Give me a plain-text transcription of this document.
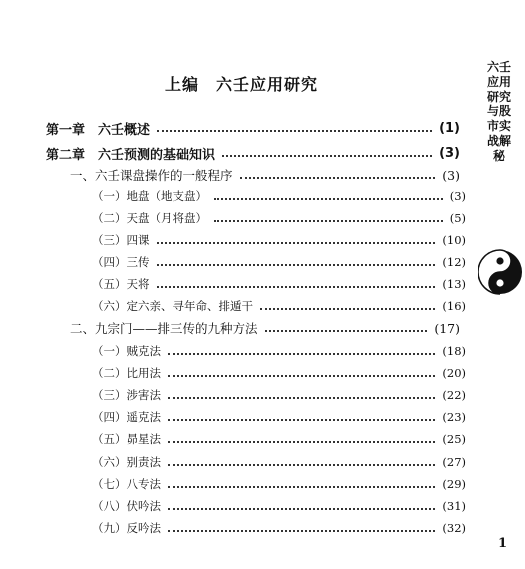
上编　六壬应用研究
第一章　六壬概述	(1)
第二章　六壬预测的基础知识	(3)
一、六壬课盘操作的一般程序	(3)
（一）地盘（地支盘）	(3)
（二）天盘（月将盘）	(5)
（三）四课	(10)
（四）三传	(12)
（五）天将	(13)
（六）定六亲、寻年命、排遁干	(16)
二、九宗门——排三传的九种方法	(17)
（一）贼克法	(18)
（二）比用法	(20)
（三）涉害法	(22)
（四）遥克法	(23)
（五）昴星法	(25)
（六）别责法	(27)
（七）八专法	(29)
（八）伏吟法	(31)
（九）反吟法	(32)
六壬应用研究与股市实战解秘
1
